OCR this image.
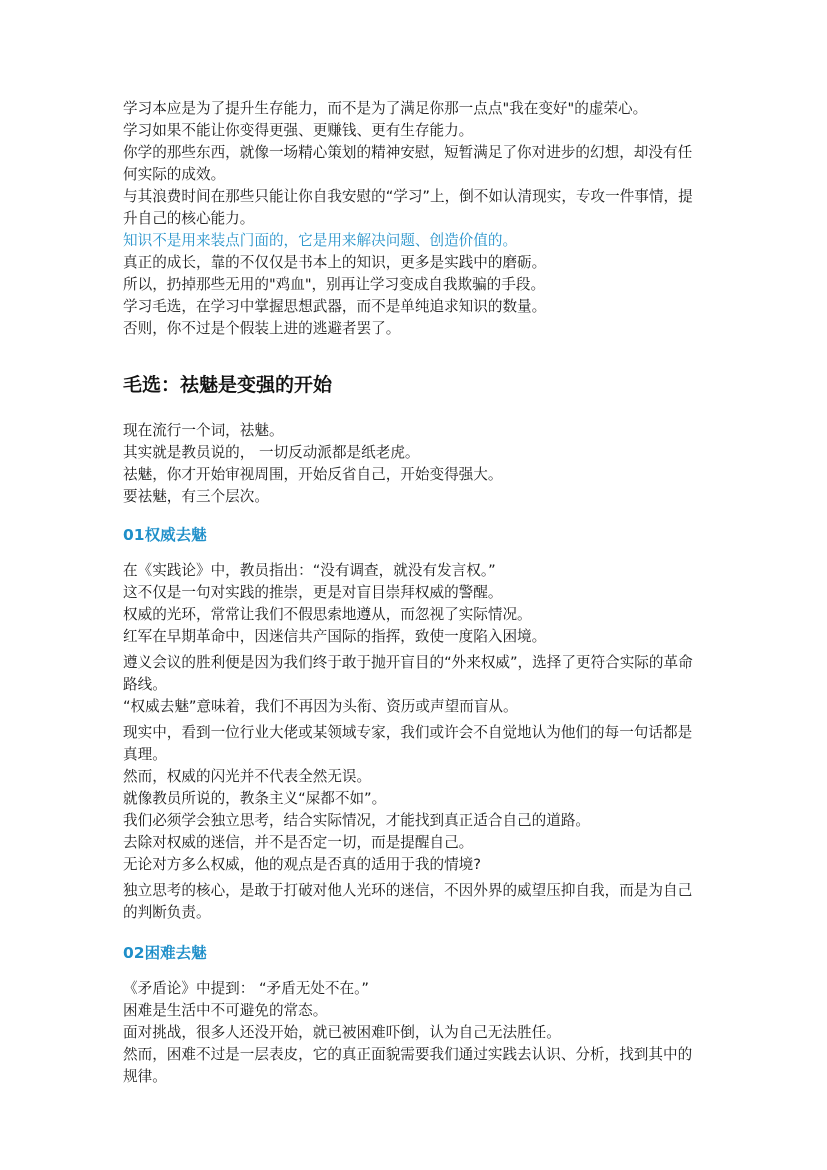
学习本应是为了提升生存能力，而不是为了满足你那一点点"我在变好"的虚荣心。

学习如果不能让你变得更强、更赚钱、更有生存能力。

你学的那些东西，就像一场精心策划的精神安慰，短暂满足了你对进步的幻想，却没有任何实际的成效。

与其浪费时间在那些只能让你自我安慰的“学习”上，倒不如认清现实，专攻一件事情，提升自己的核心能力。

知识不是用来装点门面的，它是用来解决问题、创造价值的。

真正的成长，靠的不仅仅是书本上的知识，更多是实践中的磨砺。

所以，扔掉那些无用的"鸡血"，别再让学习变成自我欺骗的手段。

学习毛选，在学习中掌握思想武器，而不是单纯追求知识的数量。

否则，你不过是个假装上进的逃避者罢了。

毛选：祛魅是变强的开始

现在流行一个词，祛魅。

其实就是教员说的， 一切反动派都是纸老虎。

祛魅，你才开始审视周围，开始反省自己，开始变得强大。

要祛魅，有三个层次。

01权威去魅

在《实践论》中，教员指出：“没有调查，就没有发言权。”

这不仅是一句对实践的推崇，更是对盲目崇拜权威的警醒。

权威的光环，常常让我们不假思索地遵从，而忽视了实际情况。

红军在早期革命中，因迷信共产国际的指挥，致使一度陷入困境。

遵义会议的胜利便是因为我们终于敢于抛开盲目的“外来权威”，选择了更符合实际的革命路线。

“权威去魅”意味着，我们不再因为头衔、资历或声望而盲从。

现实中，看到一位行业大佬或某领域专家，我们或许会不自觉地认为他们的每一句话都是真理。

然而，权威的闪光并不代表全然无误。

就像教员所说的，教条主义“屎都不如”。

我们必须学会独立思考，结合实际情况，才能找到真正适合自己的道路。

去除对权威的迷信，并不是否定一切，而是提醒自己。

无论对方多么权威，他的观点是否真的适用于我的情境?

独立思考的核心，是敢于打破对他人光环的迷信，不因外界的威望压抑自我，而是为自己的判断负责。

02困难去魅

《矛盾论》中提到： “矛盾无处不在。”

困难是生活中不可避免的常态。

面对挑战，很多人还没开始，就已被困难吓倒，认为自己无法胜任。

然而，困难不过是一层表皮，它的真正面貌需要我们通过实践去认识、分析，找到其中的规律。
